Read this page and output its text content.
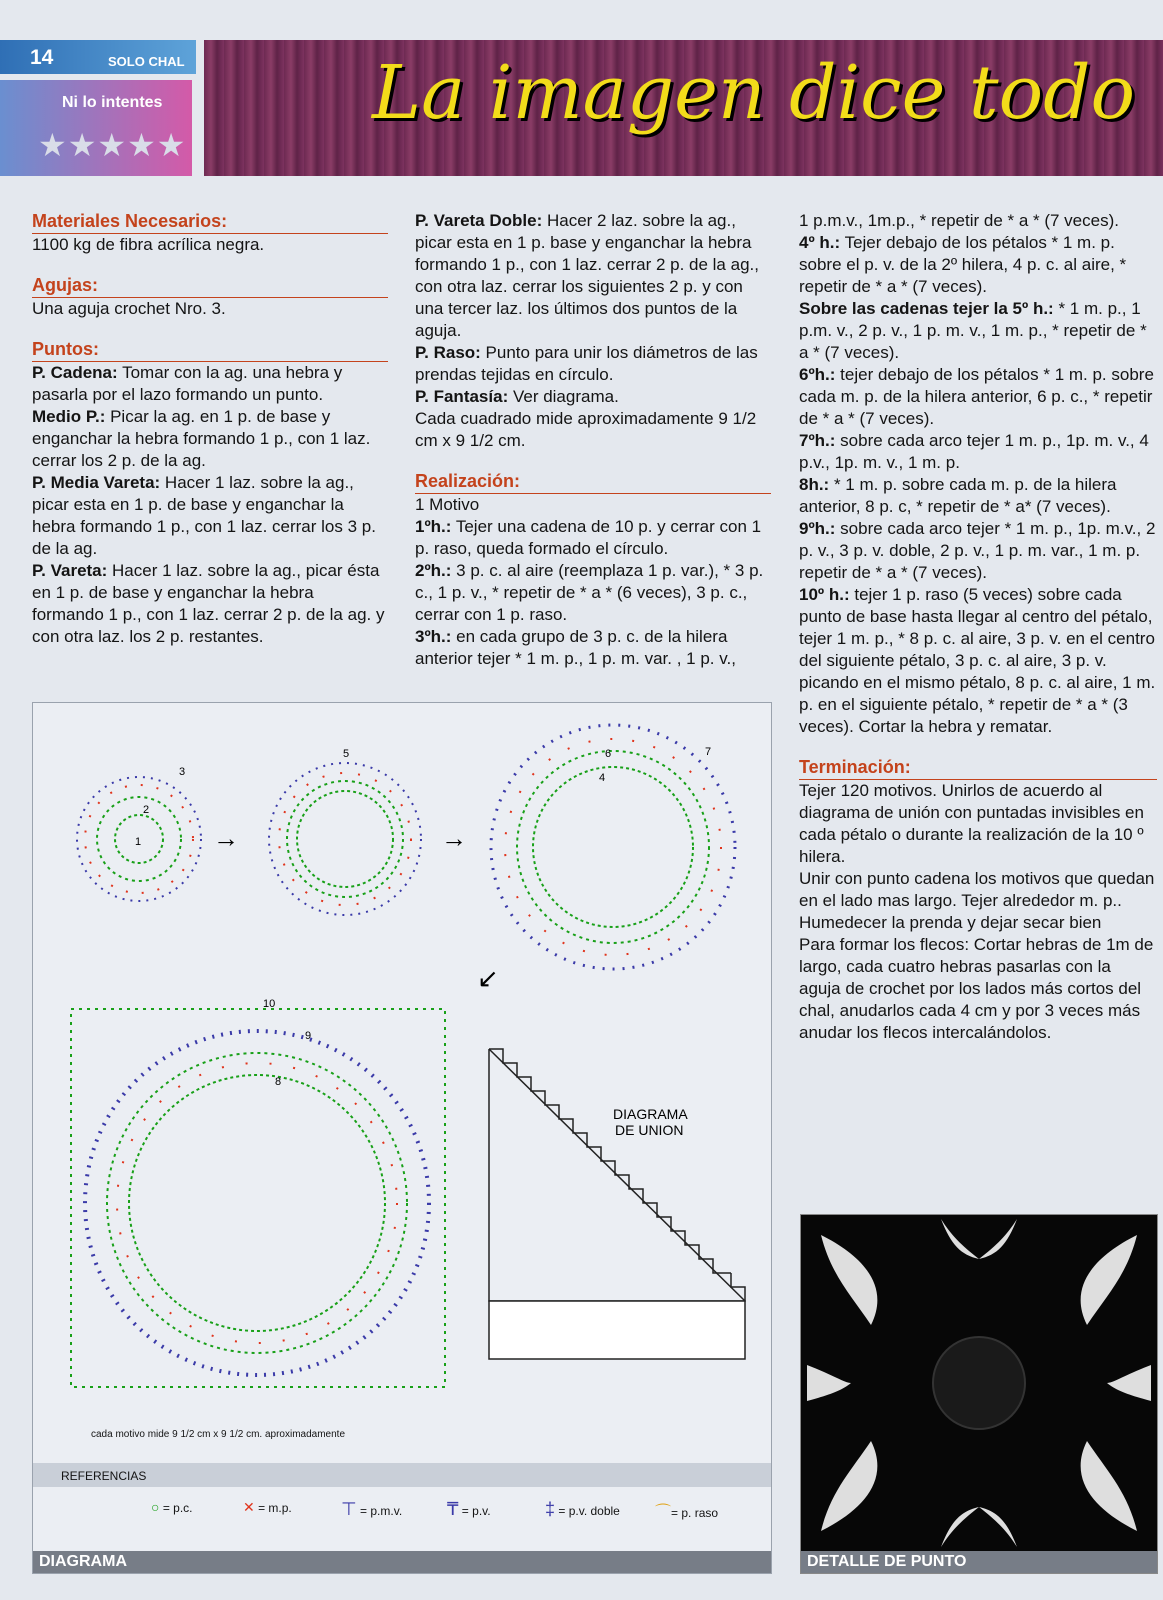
14	SOLO CHAL
Ni lo intentes
★★★★★
La imagen dice todo

Materiales Necesarios:

1100 kg de fibra acrílica negra.

Agujas:

Una aguja crochet Nro. 3.

Puntos:

P. Cadena: Tomar con la ag. una hebra y pasarla por el lazo formando un punto.

Medio P.: Picar la ag. en 1 p. de base y enganchar la hebra formando 1 p., con 1 laz. cerrar los 2 p. de la ag.

P. Media Vareta: Hacer 1 laz. sobre la ag., picar esta en 1 p. de base y enganchar la hebra formando 1 p., con 1 laz. cerrar los 3 p. de la ag.

P. Vareta: Hacer 1 laz. sobre la ag., picar ésta en 1 p. de base y enganchar la hebra formando 1 p., con 1 laz. cerrar 2 p. de la ag. y con otra laz. los 2 p. restantes.

P. Vareta Doble: Hacer 2 laz. sobre la ag., picar esta en 1 p. base y enganchar la hebra formando 1 p., con 1 laz. cerrar 2 p. de la ag., con otra laz. cerrar los siguientes 2 p. y con una tercer laz. los últimos dos puntos de la aguja.

P. Raso: Punto para unir los diámetros de las prendas tejidas en círculo.

P. Fantasía: Ver diagrama.

Cada cuadrado mide aproximadamente 9 1/2 cm x 9 1/2 cm.

Realización:

1 Motivo

1ºh.: Tejer una cadena de 10 p. y cerrar con 1 p. raso, queda formado el círculo.

2ºh.: 3 p. c. al aire (reemplaza 1 p. var.), * 3 p. c., 1 p. v., * repetir de * a * (6 veces), 3 p. c., cerrar con 1 p. raso.

3ºh.: en cada grupo de 3 p. c. de la hilera anterior tejer * 1 m. p., 1 p. m. var. , 1 p. v.,

1 p.m.v., 1m.p., * repetir de * a * (7 veces).

4º h.: Tejer debajo de los pétalos * 1 m. p. sobre el p. v. de la 2º hilera, 4 p. c. al aire, * repetir de * a * (7 veces).

Sobre las cadenas tejer la 5º h.: * 1 m. p., 1 p.m. v., 2 p. v., 1 p. m. v., 1 m. p., * repetir de * a * (7 veces).

6ºh.: tejer debajo de los pétalos * 1 m. p. sobre cada m. p. de la hilera anterior, 6 p. c., * repetir de * a * (7 veces).

7ºh.: sobre cada arco tejer 1 m. p., 1p. m. v., 4 p.v., 1p. m. v., 1 m. p.

8h.: * 1 m. p. sobre cada m. p. de la hilera anterior, 8 p. c, * repetir de * a* (7 veces).

9ºh.: sobre cada arco tejer * 1 m. p., 1p. m.v., 2 p. v., 3 p. v. doble, 2 p. v., 1 p. m. var., 1 m. p. repetir de * a * (7 veces).

10º h.: tejer 1 p. raso (5 veces) sobre cada punto de base hasta llegar al centro del pétalo, tejer 1 m. p., * 8 p. c. al aire, 3 p. v. en el centro del siguiente pétalo, 3 p. c. al aire, 3 p. v. picando en el mismo pétalo, 8 p. c. al aire, 1 m. p. en el siguiente pétalo, * repetir de * a * (3 veces). Cortar la hebra y rematar.

Terminación:

Tejer 120 motivos. Unirlos de acuerdo al diagrama de unión con puntadas invisibles en cada pétalo o durante la realización de la 10 º hilera.

Unir con punto cadena los motivos que quedan en el lado mas largo. Tejer alrededor m. p.. Humedecer la prenda y dejar secar bien

Para formar los flecos: Cortar hebras de 1m de largo, cada cuatro hebras pasarlas con la aguja de crochet por los lados más cortos del chal, anudarlos cada 4 cm y por 3 veces más anudar los flecos intercalándolos.

1
2
3
→
5
→
4
6	7
↙
10
9
8
DIAGRAMA
DE UNION
cada motivo mide 9 1/2 cm x 9 1/2 cm. aproximadamente
REFERENCIAS
○ = p.c.	✕ = m.p.	⊤ = p.m.v. ₸ = p.v.	‡ = p.v. doble ⌒= p. raso
DIAGRAMA	DETALLE DE PUNTO
